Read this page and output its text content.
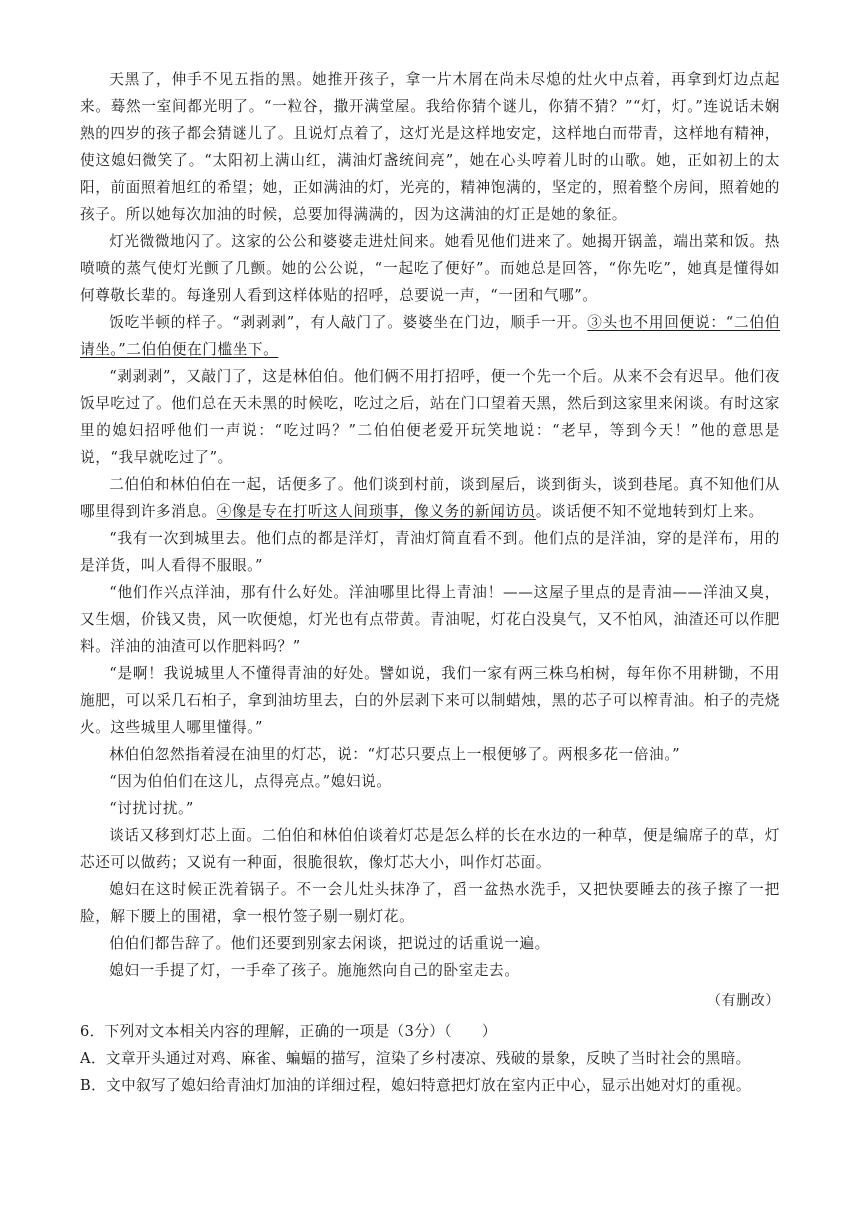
天黑了，伸手不见五指的黑。她推开孩子，拿一片木屑在尚未尽熄的灶火中点着，再拿到灯边点起来。蓦然一室间都光明了。“一粒谷，撒开满堂屋。我给你猜个谜儿，你猜不猜？”“灯，灯。”连说话未娴熟的四岁的孩子都会猜谜儿了。且说灯点着了，这灯光是这样地安定，这样地白而带青，这样地有精神，使这媳妇微笑了。“太阳初上满山红，满油灯盏统间亮”，她在心头哼着儿时的山歌。她，正如初上的太阳，前面照着旭红的希望；她，正如满油的灯，光亮的，精神饱满的，坚定的，照着整个房间，照着她的孩子。所以她每次加油的时候，总要加得满满的，因为这满油的灯正是她的象征。

灯光微微地闪了。这家的公公和婆婆走进灶间来。她看见他们进来了。她揭开锅盖，端出菜和饭。热喷喷的蒸气使灯光颤了几颤。她的公公说，“一起吃了便好”。而她总是回答，“你先吃”，她真是懂得如何尊敬长辈的。每逢别人看到这样体贴的招呼，总要说一声，“一团和气哪”。

饭吃半顿的样子。“剥剥剥”，有人敲门了。婆婆坐在门边，顺手一开。③头也不用回便说：“二伯伯请坐。”二伯伯便在门槛坐下。

“剥剥剥”，又敲门了，这是林伯伯。他们俩不用打招呼，便一个先一个后。从来不会有迟早。他们夜饭早吃过了。他们总在天未黑的时候吃，吃过之后，站在门口望着天黑，然后到这家里来闲谈。有时这家里的媳妇招呼他们一声说：“吃过吗？”二伯伯便老爱开玩笑地说：“老早，等到今天！”他的意思是说，“我早就吃过了”。

二伯伯和林伯伯在一起，话便多了。他们谈到村前，谈到屋后，谈到街头，谈到巷尾。真不知他们从哪里得到许多消息。④像是专在打听这人间琐事，像义务的新闻访员。谈话便不知不觉地转到灯上来。

“我有一次到城里去。他们点的都是洋灯，青油灯简直看不到。他们点的是洋油，穿的是洋布，用的是洋货，叫人看得不服眼。”

“他们作兴点洋油，那有什么好处。洋油哪里比得上青油！——这屋子里点的是青油——洋油又臭，又生烟，价钱又贵，风一吹便熄，灯光也有点带黄。青油呢，灯花白没臭气，又不怕风，油渣还可以作肥料。洋油的油渣可以作肥料吗？”

“是啊！我说城里人不懂得青油的好处。譬如说，我们一家有两三株乌桕树，每年你不用耕锄，不用施肥，可以采几石桕子，拿到油坊里去，白的外层剥下来可以制蜡烛，黑的芯子可以榨青油。桕子的壳烧火。这些城里人哪里懂得。”

林伯伯忽然指着浸在油里的灯芯，说：“灯芯只要点上一根便够了。两根多花一倍油。”

“因为伯伯们在这儿，点得亮点。”媳妇说。

“讨扰讨扰。”

谈话又移到灯芯上面。二伯伯和林伯伯谈着灯芯是怎么样的长在水边的一种草，便是编席子的草，灯芯还可以做药；又说有一种面，很脆很软，像灯芯大小，叫作灯芯面。

媳妇在这时候正洗着锅子。不一会儿灶头抹净了，舀一盆热水洗手，又把快要睡去的孩子擦了一把脸，解下腰上的围裙，拿一根竹签子剔一剔灯花。

伯伯们都告辞了。他们还要到别家去闲谈，把说过的话重说一遍。

媳妇一手提了灯，一手牵了孩子。施施然向自己的卧室走去。

（有删改）

6．下列对文本相关内容的理解，正确的一项是（3分）（　　）

A．文章开头通过对鸡、麻雀、蝙蝠的描写，渲染了乡村凄凉、残破的景象，反映了当时社会的黑暗。

B．文中叙写了媳妇给青油灯加油的详细过程，媳妇特意把灯放在室内正中心，显示出她对灯的重视。
